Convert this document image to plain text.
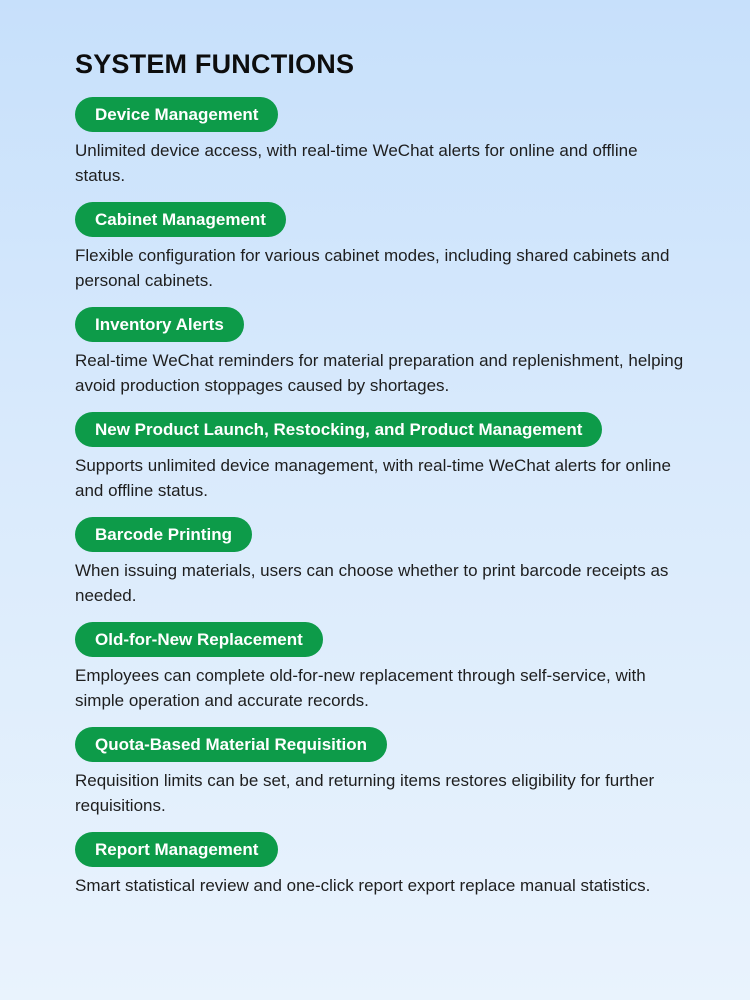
SYSTEM FUNCTIONS
Device Management

Unlimited device access, with real-time WeChat alerts for online and offline status.

Cabinet Management

Flexible configuration for various cabinet modes, including shared cabinets and personal cabinets.

Inventory Alerts

Real-time WeChat reminders for material preparation and replenishment, helping avoid production stoppages caused by shortages.

New Product Launch, Restocking, and Product Management

Supports unlimited device management, with real-time WeChat alerts for online and offline status.

Barcode Printing

When issuing materials, users can choose whether to print barcode receipts as needed.

Old-for-New Replacement

Employees can complete old-for-new replacement through self-service, with simple operation and accurate records.

Quota-Based Material Requisition

Requisition limits can be set, and returning items restores eligibility for further requisitions.

Report Management

Smart statistical review and one-click report export replace manual statistics.
